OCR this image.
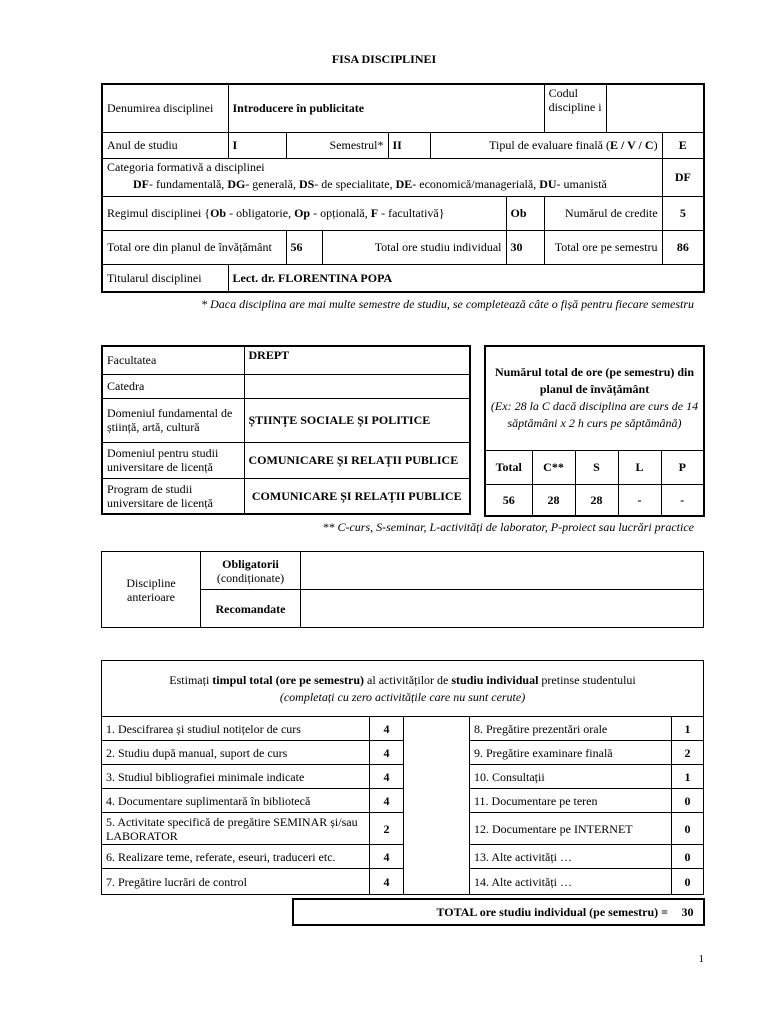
FISA DISCIPLINEI
Denumirea disciplinei	Introducere în publicitate						Codul discipline i		
Anul de studiu	I	Semestrul*		II	Tipul de evaluare finală (E / V / C)				E

Categoria formativă a disciplinei
DF- fundamentală, DG- generală, DS- de specialitate, DE- economică/managerială, DU- umanistă									DF
Regimul disciplinei {Ob - obligatorie, Op - opțională, F - facultativă}						Ob	Numărul de credite		5
Total ore din planul de învățământ		56	Total ore studiu individual			30	Total ore pe semestru		86
Titularul disciplinei	Lect. dr. FLORENTINA POPA								
* Daca disciplina are mai multe semestre de studiu, se completează câte o fișă pentru fiecare semestru
Facultatea	DREPT
Catedra	
Domeniul fundamental de știință, artă, cultură	ȘTIINȚE SOCIALE ȘI POLITICE
Domeniul pentru studii universitare de licență	COMUNICARE ȘI RELAȚII PUBLICE
Program de studii universitare de licență	COMUNICARE ȘI RELAȚII PUBLICE
Numărul total de ore (pe semestru) din planul de învățământ
(Ex: 28 la C dacă disciplina are curs de 14 săptămâni x 2 h curs pe săptămână)				

Total	C**	S	L	P
56	28	28	-	-
** C-curs, S-seminar, L-activități de laborator, P-proiect sau lucrări practice
Discipline anterioare	Obligatorii
(condiționate)	

	Recomandate	
Estimați timpul total (ore pe semestru) al activităților de studiu individual pretinse studentului
(completați cu zero activitățile care nu sunt cerute)				

1. Descifrarea și studiul notițelor de curs	4		8. Pregătire prezentări orale	1
2. Studiu după manual, suport de curs	4		9. Pregătire examinare finală	2
3. Studiul bibliografiei minimale indicate	4		10. Consultații	1
4. Documentare suplimentară în bibliotecă	4		11. Documentare pe teren	0
5. Activitate specifică de pregătire SEMINAR și/sau LABORATOR	2		12. Documentare pe INTERNET	0
6. Realizare teme, referate, eseuri, traduceri etc.	4		13. Alte activități …	0
7. Pregătire lucrări de control	4		14. Alte activități …	0
TOTAL ore studiu individual (pe semestru) =	30
1
